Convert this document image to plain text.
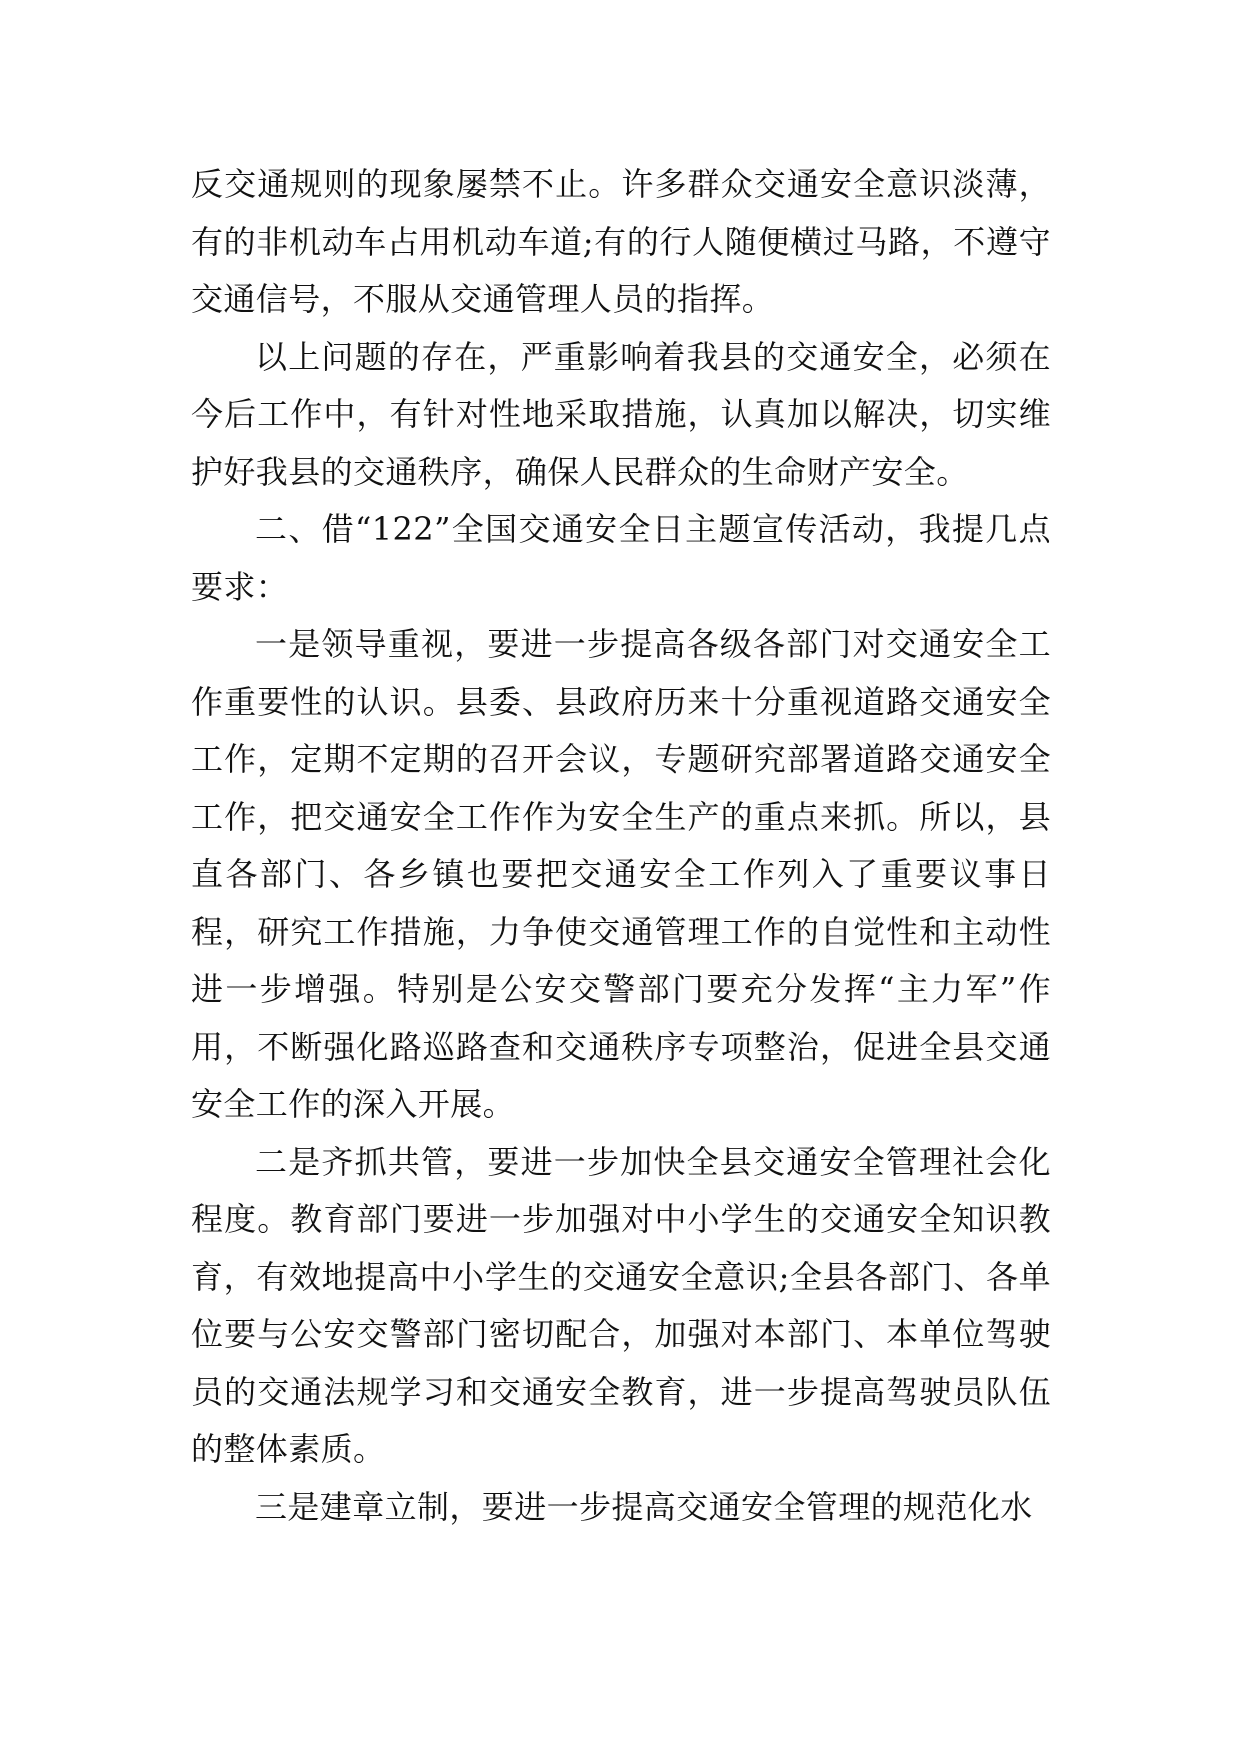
反交通规则的现象屡禁不止。许多群众交通安全意识淡薄，有的非机动车占用机动车道;有的行人随便横过马路，不遵守交通信号，不服从交通管理人员的指挥。

以上问题的存在，严重影响着我县的交通安全，必须在今后工作中，有针对性地采取措施，认真加以解决，切实维护好我县的交通秩序，确保人民群众的生命财产安全。

二、借“122”全国交通安全日主题宣传活动，我提几点要求：

一是领导重视，要进一步提高各级各部门对交通安全工作重要性的认识。县委、县政府历来十分重视道路交通安全工作，定期不定期的召开会议，专题研究部署道路交通安全工作，把交通安全工作作为安全生产的重点来抓。所以，县直各部门、各乡镇也要把交通安全工作列入了重要议事日程，研究工作措施，力争使交通管理工作的自觉性和主动性进一步增强。特别是公安交警部门要充分发挥“主力军”作用，不断强化路巡路查和交通秩序专项整治，促进全县交通安全工作的深入开展。

二是齐抓共管，要进一步加快全县交通安全管理社会化程度。教育部门要进一步加强对中小学生的交通安全知识教育，有效地提高中小学生的交通安全意识;全县各部门、各单位要与公安交警部门密切配合，加强对本部门、本单位驾驶员的交通法规学习和交通安全教育，进一步提高驾驶员队伍的整体素质。

三是建章立制，要进一步提高交通安全管理的规范化水
